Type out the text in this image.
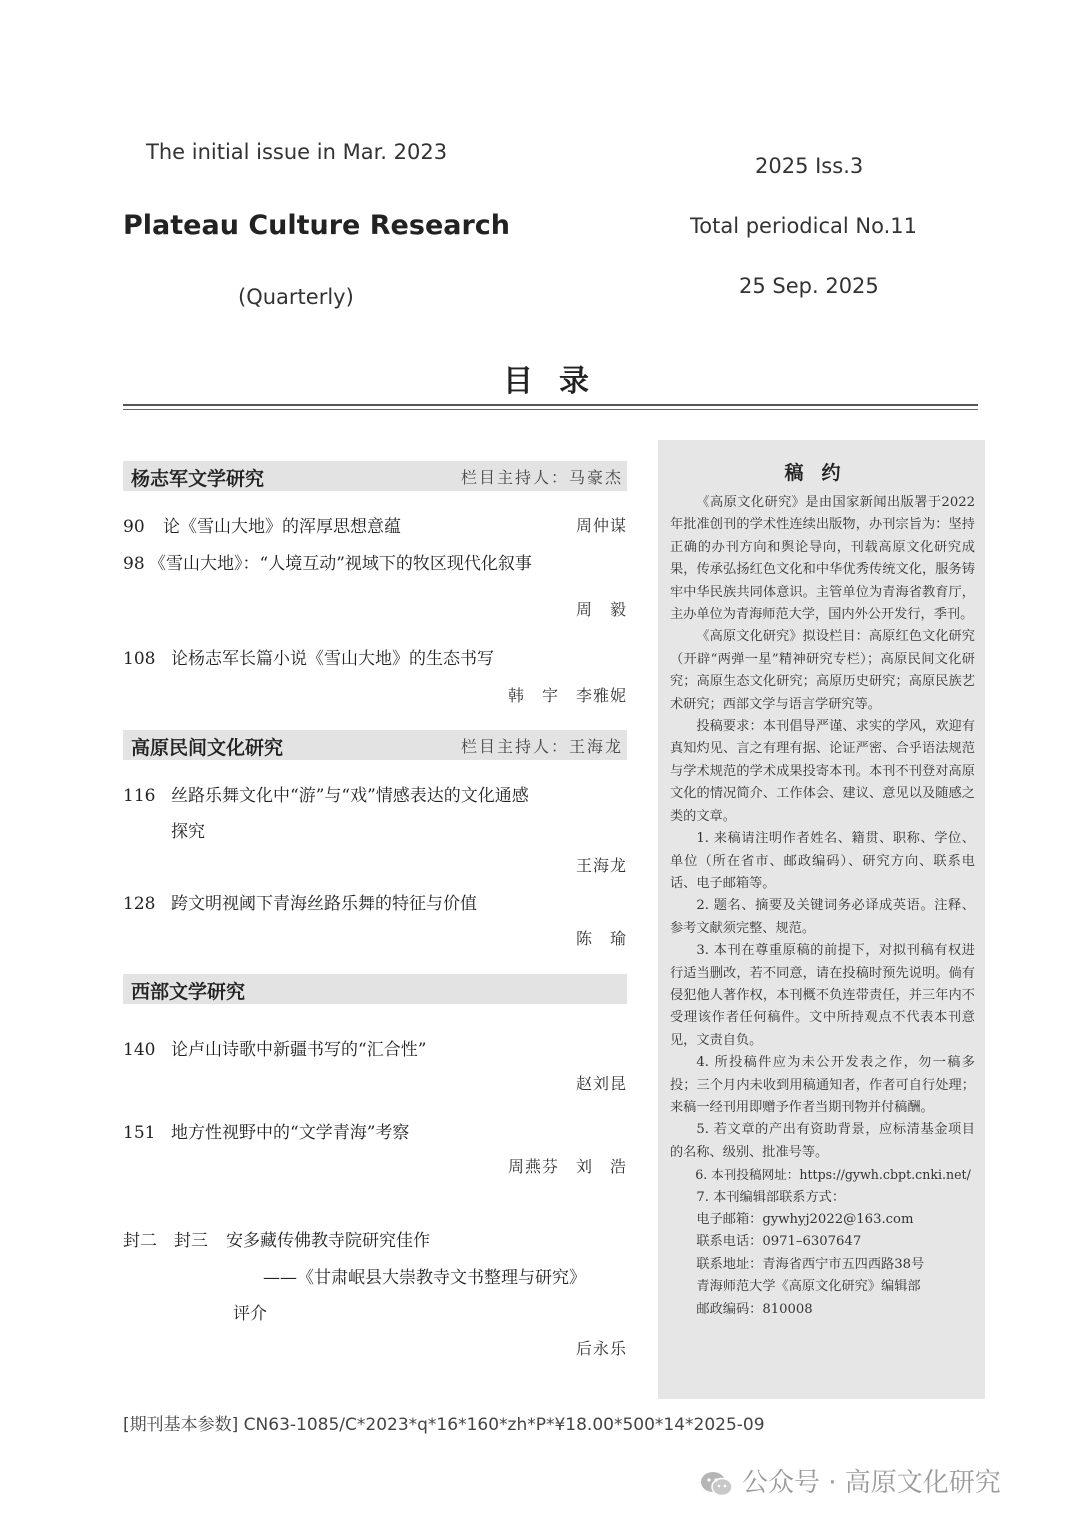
The initial issue in Mar. 2023
Plateau Culture Research
(Quarterly)
2025 Iss.3
Total periodical No.11
25 Sep. 2025
目录
杨志军文学研究	栏目主持人：马豪杰
90 论《雪山大地》的浑厚思想意蕴	周仲谋
98 《雪山大地》：“人境互动”视域下的牧区现代化叙事
周　毅
108 论杨志军长篇小说《雪山大地》的生态书写
韩　宇　李雅妮
高原民间文化研究	栏目主持人：王海龙
116 丝路乐舞文化中“游”与“戏”情感表达的文化通感
探究
王海龙
128 跨文明视阈下青海丝路乐舞的特征与价值
陈　瑜
西部文学研究
140 论卢山诗歌中新疆书写的“汇合性”
赵刘昆
151 地方性视野中的“文学青海”考察
周燕芬　刘　浩
封二　封三 安多藏传佛教寺院研究佳作
——《甘肃岷县大崇教寺文书整理与研究》
评介
后永乐
稿约

《高原文化研究》是由国家新闻出版署于2022年批准创刊的学术性连续出版物，办刊宗旨为：坚持正确的办刊方向和舆论导向，刊载高原文化研究成果，传承弘扬红色文化和中华优秀传统文化，服务铸牢中华民族共同体意识。主管单位为青海省教育厅，主办单位为青海师范大学，国内外公开发行，季刊。

《高原文化研究》拟设栏目：高原红色文化研究（开辟“两弹一星”精神研究专栏）；高原民间文化研究；高原生态文化研究；高原历史研究；高原民族艺术研究；西部文学与语言学研究等。

投稿要求：本刊倡导严谨、求实的学风，欢迎有真知灼见、言之有理有据、论证严密、合乎语法规范与学术规范的学术成果投寄本刊。本刊不刊登对高原文化的情况简介、工作体会、建议、意见以及随感之类的文章。

1. 来稿请注明作者姓名、籍贯、职称、学位、单位（所在省市、邮政编码）、研究方向、联系电话、电子邮箱等。

2. 题名、摘要及关键词务必译成英语。注释、参考文献须完整、规范。

3. 本刊在尊重原稿的前提下，对拟刊稿有权进行适当删改，若不同意，请在投稿时预先说明。倘有侵犯他人著作权，本刊概不负连带责任，并三年内不受理该作者任何稿件。文中所持观点不代表本刊意见，文责自负。

4. 所投稿件应为未公开发表之作，勿一稿多投；三个月内未收到用稿通知者，作者可自行处理；来稿一经刊用即赠予作者当期刊物并付稿酬。

5. 若文章的产出有资助背景，应标清基金项目的名称、级别、批准号等。

6. 本刊投稿网址：https://gywh.cbpt.cnki.net/

7. 本刊编辑部联系方式：

电子邮箱：gywhyj2022@163.com

联系电话：0971–6307647

联系地址：青海省西宁市五四西路38号

青海师范大学《高原文化研究》编辑部

邮政编码：810008

[期刊基本参数] CN63-1085/C*2023*q*16*160*zh*P*¥18.00*500*14*2025-09
公众号 · 高原文化研究
